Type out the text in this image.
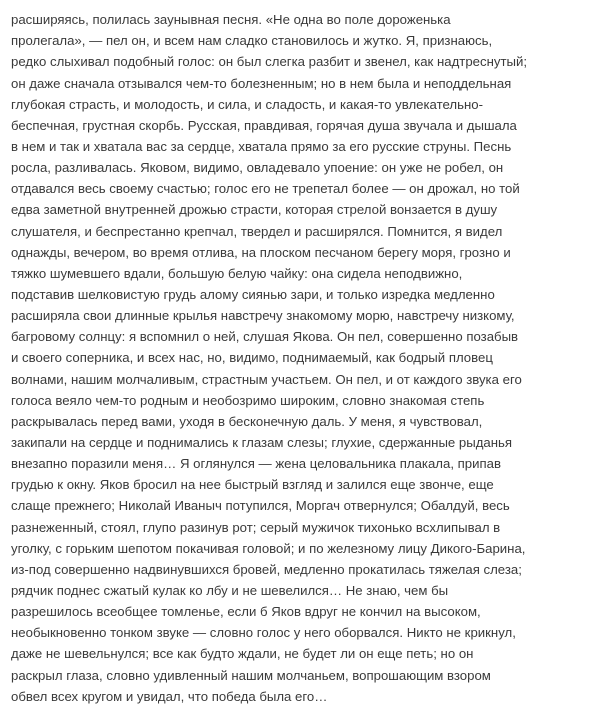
расширяясь, полилась заунывная песня. «Не одна во поле дороженька
пролегала», — пел он, и всем нам сладко становилось и жутко. Я, признаюсь,
редко слыхивал подобный голос: он был слегка разбит и звенел, как надтреснутый;
он даже сначала отзывался чем-то болезненным; но в нем была и неподдельная
глубокая страсть, и молодость, и сила, и сладость, и какая-то увлекательно-
беспечная, грустная скорбь. Русская, правдивая, горячая душа звучала и дышала
в нем и так и хватала вас за сердце, хватала прямо за его русские струны. Песнь
росла, разливалась. Яковом, видимо, овладевало упоение: он уже не робел, он
отдавался весь своему счастью; голос его не трепетал более — он дрожал, но той
едва заметной внутренней дрожью страсти, которая стрелой вонзается в душу
слушателя, и беспрестанно крепчал, твердел и расширялся. Помнится, я видел
однажды, вечером, во время отлива, на плоском песчаном берегу моря, грозно и
тяжко шумевшего вдали, большую белую чайку: она сидела неподвижно,
подставив шелковистую грудь алому сиянью зари, и только изредка медленно
расширяла свои длинные крылья навстречу знакомому морю, навстречу низкому,
багровому солнцу: я вспомнил о ней, слушая Якова. Он пел, совершенно позабыв
и своего соперника, и всех нас, но, видимо, поднимаемый, как бодрый пловец
волнами, нашим молчаливым, страстным участьем. Он пел, и от каждого звука его
голоса веяло чем-то родным и необозримо широким, словно знакомая степь
раскрывалась перед вами, уходя в бесконечную даль. У меня, я чувствовал,
закипали на сердце и поднимались к глазам слезы; глухие, сдержанные рыданья
внезапно поразили меня… Я оглянулся — жена целовальника плакала, припав
грудью к окну. Яков бросил на нее быстрый взгляд и залился еще звонче, еще
слаще прежнего; Николай Иваныч потупился, Моргач отвернулся; Обалдуй, весь
разнеженный, стоял, глупо разинув рот; серый мужичок тихонько всхлипывал в
уголку, с горьким шепотом покачивая головой; и по железному лицу Дикого-Барина,
из-под совершенно надвинувшихся бровей, медленно прокатилась тяжелая слеза;
рядчик поднес сжатый кулак ко лбу и не шевелился… Не знаю, чем бы
разрешилось всеобщее томленье, если б Яков вдруг не кончил на высоком,
необыкновенно тонком звуке — словно голос у него оборвался. Никто не крикнул,
даже не шевельнулся; все как будто ждали, не будет ли он еще петь; но он
раскрыл глаза, словно удивленный нашим молчаньем, вопрошающим взором
обвел всех кругом и увидал, что победа была его…
